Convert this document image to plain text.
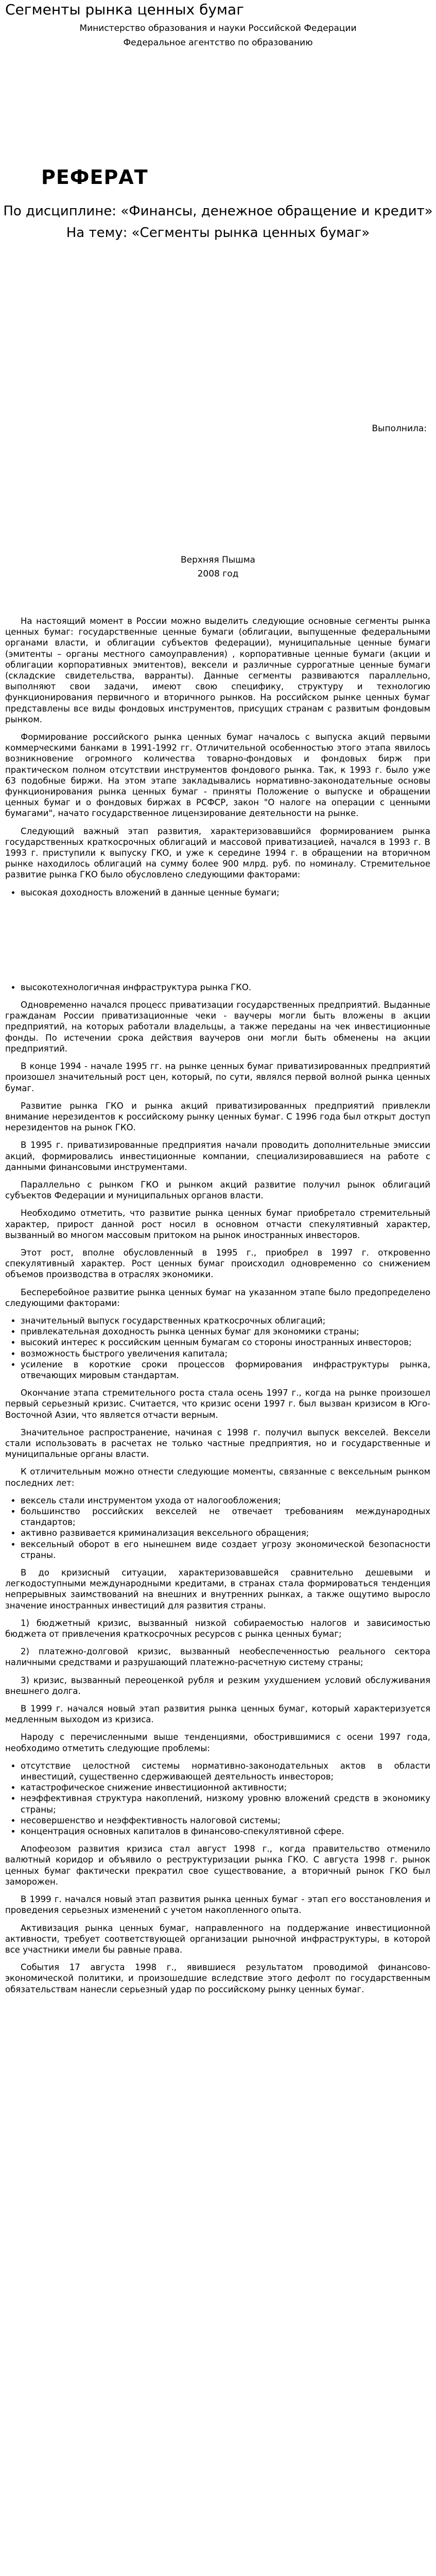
Сегменты рынка ценных бумаг
Министерство образования и науки Российской Федерации
Федеральное агентство по образованию
РЕФЕРАТ
По дисциплине: «Финансы, денежное обращение и кредит»
На тему: «Сегменты рынка ценных бумаг»
Выполнила:
Верхняя Пышма
2008 год

На настоящий момент в России можно выделить следующие основные сегменты рынка ценных бумаг: государственные ценные бумаги (облигации, выпущенные федеральными органами власти, и облигации субъектов федерации), муниципальные ценные бумаги (эмитенты – органы местного самоуправления) , корпоративные ценные бумаги (акции и облигации корпоративных эмитентов), вексели и различные суррогатные ценные бумаги (складские свидетельства, варранты). Данные сегменты развиваются параллельно, выполняют свои задачи, имеют свою специфику, структуру и технологию функционирования первичного и вторичного рынков. На российском рынке ценных бумаг представлены все виды фондовых инструментов, присущих странам с развитым фондовым рынком.

Формирование российского рынка ценных бумаг началось с выпуска акций первыми коммерческими банками в 1991-1992 гг. Отличительной особенностью этого этапа явилось возникновение огромного количества товарно-фондовых и фондовых бирж при практическом полном отсутствии инструментов фондового рынка. Так, к 1993 г. было уже 63 подобные биржи. На этом этапе закладывались нормативно-законодательные основы функционирования рынка ценных бумаг - приняты Положение о выпуске и обращении ценных бумаг и о фондовых биржах в РСФСР, закон "О налоге на операции с ценными бумагами", начато государственное лицензирование деятельности на рынке.

Следующий важный этап развития, характеризовавшийся формированием рынка государственных краткосрочных облигаций и массовой приватизацией, начался в 1993 г. В 1993 г. приступили к выпуску ГКО, и уже к середине 1994 г. в обращении на вторичном рынке находилось облигаций на сумму более 900 млрд. руб. по номиналу. Стремительное развитие рынка ГКО было обусловлено следующими факторами:

• высокая доходность вложений в данные ценные бумаги;
• высокотехнологичная инфраструктура рынка ГКО.

Одновременно начался процесс приватизации государственных предприятий. Выданные гражданам России приватизационные чеки - ваучеры могли быть вложены в акции предприятий, на которых работали владельцы, а также переданы на чек инвестиционные фонды. По истечении срока действия ваучеров они могли быть обменены на акции предприятий.

В конце 1994 - начале 1995 гг. на рынке ценных бумаг приватизированных предприятий произошел значительный рост цен, который, по сути, являлся первой волной рынка ценных бумаг.

Развитие рынка ГКО и рынка акций приватизированных предприятий привлекли внимание нерезидентов к российскому рынку ценных бумаг. С 1996 года был открыт доступ нерезидентов на рынок ГКО.

В 1995 г. приватизированные предприятия начали проводить дополнительные эмиссии акций, формировались инвестиционные компании, специализировавшиеся на работе с данными финансовыми инструментами.

Параллельно с рынком ГКО и рынком акций развитие получил рынок облигаций субъектов Федерации и муниципальных органов власти.

Необходимо отметить, что развитие рынка ценных бумаг приобретало стремительный характер, прирост данной рост носил в основном отчасти спекулятивный характер, вызванный во многом массовым притоком на рынок иностранных инвесторов.

Этот рост, вполне обусловленный в 1995 г., приобрел в 1997 г. откровенно спекулятивный характер. Рост ценных бумаг происходил одновременно со снижением объемов производства в отраслях экономики.

Бесперебойное развитие рынка ценных бумаг на указанном этапе было предопределено следующими факторами:

• значительный выпуск государственных краткосрочных облигаций;
• привлекательная доходность рынка ценных бумаг для экономики страны;
• высокий интерес к российским ценным бумагам со стороны иностранных инвесторов;
• возможность быстрого увеличения капитала;
• усиление в короткие сроки процессов формирования инфраструктуры рынка, отвечающих мировым стандартам.

Окончание этапа стремительного роста стала осень 1997 г., когда на рынке произошел первый серьезный кризис. Считается, что кризис осени 1997 г. был вызван кризисом в Юго-Восточной Азии, что является отчасти верным.

Значительное распространение, начиная с 1998 г. получил выпуск векселей. Вексели стали использовать в расчетах не только частные предприятия, но и государственные и муниципальные органы власти.

К отличительным можно отнести следующие моменты, связанные с вексельным рынком последних лет:

• вексель стали инструментом ухода от налогообложения;
• большинство российских векселей не отвечает требованиям международных стандартов;
• активно развивается криминализация вексельного обращения;
• вексельный оборот в его нынешнем виде создает угрозу экономической безопасности страны.

В до кризисный ситуации, характеризовавшейся сравнительно дешевыми и легкодоступными международными кредитами, в странах стала формироваться тенденция непрерывных заимствований на внешних и внутренних рынках, а также ощутимо выросло значение иностранных инвестиций для развития страны.

1) бюджетный кризис, вызванный низкой собираемостью налогов и зависимостью бюджета от привлечения краткосрочных ресурсов с рынка ценных бумаг;

2) платежно-долговой кризис, вызванный необеспеченностью реального сектора наличными средствами и разрушающий платежно-расчетную систему страны;

3) кризис, вызванный переоценкой рубля и резким ухудшением условий обслуживания внешнего долга.

В 1999 г. начался новый этап развития рынка ценных бумаг, который характеризуется медленным выходом из кризиса.

Народу с перечисленными выше тенденциями, обострившимися с осени 1997 года, необходимо отметить следующие проблемы:

• отсутствие целостной системы нормативно-законодательных актов в области инвестиций, существенно сдерживающей деятельность инвесторов;
• катастрофическое снижение инвестиционной активности;
• неэффективная структура накоплений, низкому уровню вложений средств в экономику страны;
• несовершенство и неэффективность налоговой системы;
• концентрация основных капиталов в финансово-спекулятивной сфере.

Апофеозом развития кризиса стал август 1998 г., когда правительство отменило валютный коридор и объявило о реструктуризации рынка ГКО. С августа 1998 г. рынок ценных бумаг фактически прекратил свое существование, а вторичный рынок ГКО был заморожен.

В 1999 г. начался новый этап развития рынка ценных бумаг - этап его восстановления и проведения серьезных изменений с учетом накопленного опыта.

Активизация рынка ценных бумаг, направленного на поддержание инвестиционной активности, требует соответствующей организации рыночной инфраструктуры, в которой все участники имели бы равные права.

События 17 августа 1998 г., явившиеся результатом проводимой финансово-экономической политики, и произошедшие вследствие этого дефолт по государственным обязательствам нанесли серьезный удар по российскому рынку ценных бумаг.
